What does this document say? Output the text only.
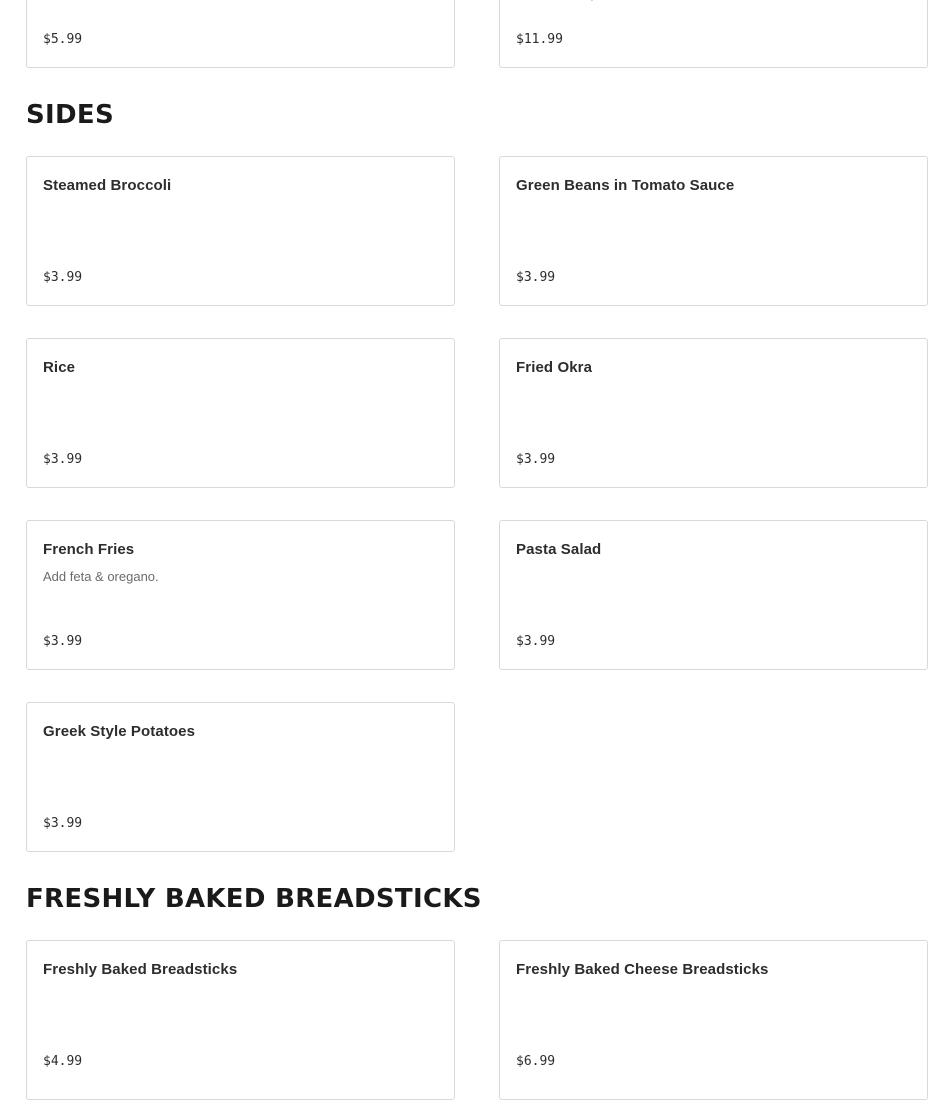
$5.99	$11.99
SIDES
Steamed Broccoli
$3.99
Green Beans in Tomato Sauce
$3.99
Rice
$3.99
Fried Okra
$3.99
French Fries
Add feta & oregano.
$3.99
Pasta Salad
$3.99
Greek Style Potatoes
$3.99
FRESHLY BAKED BREADSTICKS
Freshly Baked Breadsticks
$4.99
Freshly Baked Cheese Breadsticks
$6.99
